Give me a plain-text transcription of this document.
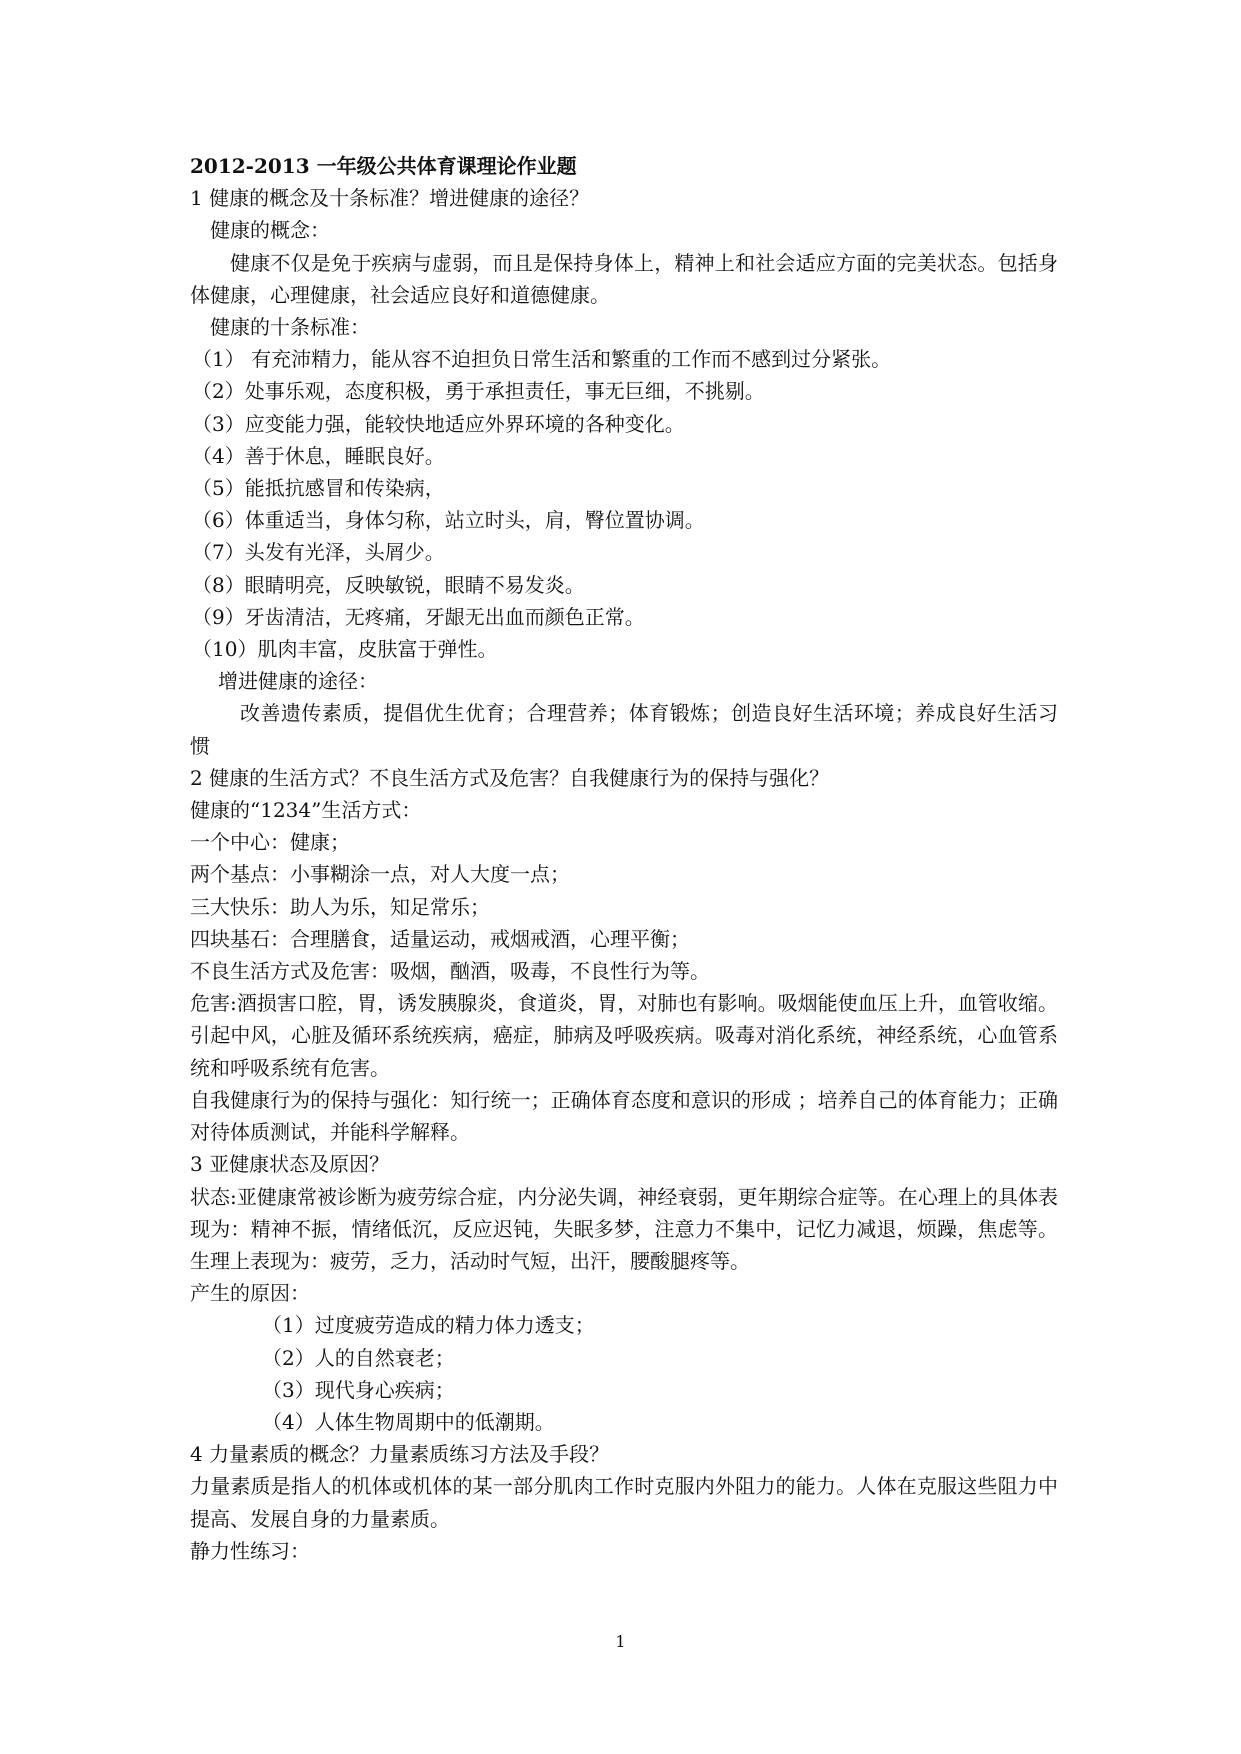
2012-2013 一年级公共体育课理论作业题

1 健康的概念及十条标准？增进健康的途径？

健康的概念：

健康不仅是免于疾病与虚弱，而且是保持身体上，精神上和社会适应方面的完美状态。包括身体健康，心理健康，社会适应良好和道德健康。

健康的十条标准：

（1） 有充沛精力，能从容不迫担负日常生活和繁重的工作而不感到过分紧张。

（2）处事乐观，态度积极，勇于承担责任，事无巨细，不挑剔。

（3）应变能力强，能较快地适应外界环境的各种变化。

（4）善于休息，睡眠良好。

（5）能抵抗感冒和传染病，

（6）体重适当，身体匀称，站立时头，肩，臀位置协调。

（7）头发有光泽，头屑少。

（8）眼睛明亮，反映敏锐，眼睛不易发炎。

（9）牙齿清洁，无疼痛，牙龈无出血而颜色正常。

（10）肌肉丰富，皮肤富于弹性。

增进健康的途径：

改善遗传素质，提倡优生优育；合理营养；体育锻炼；创造良好生活环境；养成良好生活习惯

2 健康的生活方式？不良生活方式及危害？自我健康行为的保持与强化？

健康的“1234”生活方式：

一个中心：健康；

两个基点：小事糊涂一点，对人大度一点；

三大快乐：助人为乐，知足常乐；

四块基石：合理膳食，适量运动，戒烟戒酒，心理平衡；

不良生活方式及危害：吸烟，酗酒，吸毒，不良性行为等。

危害:酒损害口腔，胃，诱发胰腺炎，食道炎，胃，对肺也有影响。吸烟能使血压上升，血管收缩。引起中风，心脏及循环系统疾病，癌症，肺病及呼吸疾病。吸毒对消化系统，神经系统，心血管系统和呼吸系统有危害。

自我健康行为的保持与强化：知行统一；正确体育态度和意识的形成 ；培养自己的体育能力；正确对待体质测试，并能科学解释。

3 亚健康状态及原因？

状态:亚健康常被诊断为疲劳综合症，内分泌失调，神经衰弱，更年期综合症等。在心理上的具体表现为：精神不振，情绪低沉，反应迟钝，失眠多梦，注意力不集中，记忆力减退，烦躁，焦虑等。生理上表现为：疲劳，乏力，活动时气短，出汗，腰酸腿疼等。

产生的原因：

（1）过度疲劳造成的精力体力透支；

（2）人的自然衰老；

（3）现代身心疾病；

（4）人体生物周期中的低潮期。

4 力量素质的概念？力量素质练习方法及手段？

力量素质是指人的机体或机体的某一部分肌肉工作时克服内外阻力的能力。人体在克服这些阻力中提高、发展自身的力量素质。

静力性练习：

1
